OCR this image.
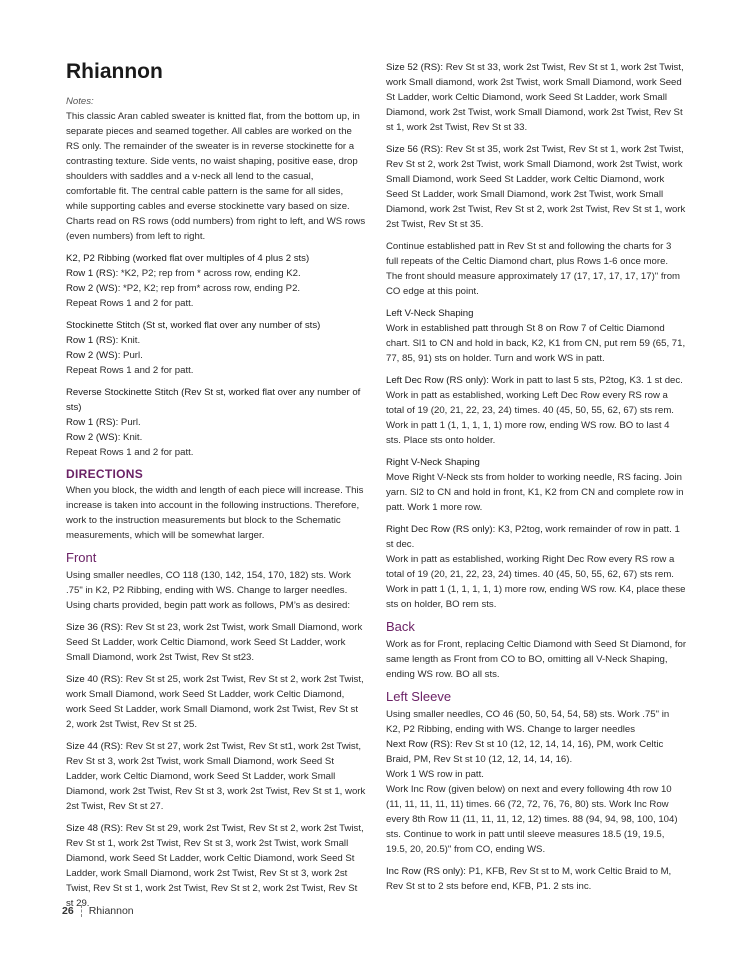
Rhiannon

Notes:

This classic Aran cabled sweater is knitted flat, from the bottom up, in separate pieces and seamed together. All cables are worked on the RS only. The remainder of the sweater is in reverse stockinette for a contrasting texture. Side vents, no waist shaping, positive ease, drop shoulders with saddles and a v-neck all lend to the casual, comfortable fit. The central cable pattern is the same for all sides, while supporting cables and everse stockinette vary based on size. Charts read on RS rows (odd numbers) from right to left, and WS rows (even numbers) from left to right.

K2, P2 Ribbing (worked flat over multiples of 4 plus 2 sts)

Row 1 (RS): *K2, P2; rep from * across row, ending K2.

Row 2 (WS): *P2, K2; rep from* across row, ending P2.

Repeat Rows 1 and 2 for patt.

Stockinette Stitch (St st, worked flat over any number of sts)

Row 1 (RS): Knit.

Row 2 (WS): Purl.

Repeat Rows 1 and 2 for patt.

Reverse Stockinette Stitch (Rev St st, worked flat over any number of sts)

Row 1 (RS): Purl.

Row 2 (WS): Knit.

Repeat Rows 1 and 2 for patt.

DIRECTIONS

When you block, the width and length of each piece will increase. This increase is taken into account in the following instructions. Therefore, work to the instruction measurements but block to the Schematic measurements, which will be somewhat larger.

Front

Using smaller needles, CO 118 (130, 142, 154, 170, 182) sts. Work .75" in K2, P2 Ribbing, ending with WS. Change to larger needles. Using charts provided, begin patt work as follows, PM’s as desired:

Size 36 (RS): Rev St st 23, work 2st Twist, work Small Diamond, work Seed St Ladder, work Celtic Diamond, work Seed St Ladder, work Small Diamond, work 2st Twist, Rev St st23.

Size 40 (RS): Rev St st 25, work 2st Twist, Rev St st 2, work 2st Twist, work Small Diamond, work Seed St Ladder, work Celtic Diamond, work Seed St Ladder, work Small Diamond, work 2st Twist, Rev St st 2, work 2st Twist, Rev St st 25.

Size 44 (RS): Rev St st 27, work 2st Twist, Rev St st1, work 2st Twist, Rev St st 3, work 2st Twist, work Small Diamond, work Seed St Ladder, work Celtic Diamond, work Seed St Ladder, work Small Diamond, work 2st Twist, Rev St st 3, work 2st Twist, Rev St st 1, work 2st Twist, Rev St st 27.

Size 48 (RS): Rev St st 29, work 2st Twist, Rev St st 2, work 2st Twist, Rev St st 1, work 2st Twist, Rev St st 3, work 2st Twist, work Small Diamond, work Seed St Ladder, work Celtic Diamond, work Seed St Ladder, work Small Diamond, work 2st Twist, Rev St st 3, work 2st Twist, Rev St st 1, work 2st Twist, Rev St st 2, work 2st Twist, Rev St st 29.

Size 52 (RS): Rev St st 33, work 2st Twist, Rev St st 1, work 2st Twist, work Small diamond, work 2st Twist, work Small Diamond, work Seed St Ladder, work Celtic Diamond, work Seed St Ladder, work Small Diamond, work 2st Twist, work Small Diamond, work 2st Twist, Rev St st 1, work 2st Twist, Rev St st 33.

Size 56 (RS): Rev St st 35, work 2st Twist, Rev St st 1, work 2st Twist, Rev St st 2, work 2st Twist, work Small Diamond, work 2st Twist, work Small Diamond, work Seed St Ladder, work Celtic Diamond, work Seed St Ladder, work Small Diamond, work 2st Twist, work Small Diamond, work 2st Twist, Rev St st 2, work 2st Twist, Rev St st 1, work 2st Twist, Rev St st 35.

Continue established patt in Rev St st and following the charts for 3 full repeats of the Celtic Diamond chart, plus Rows 1-6 once more. The front should measure approximately 17 (17, 17, 17, 17, 17)" from CO edge at this point.

Left V-Neck Shaping

Work in established patt through St 8 on Row 7 of Celtic Diamond chart. Sl1 to CN and hold in back, K2, K1 from CN, put rem 59 (65, 71, 77, 85, 91) sts on holder. Turn and work WS in patt.

Left Dec Row (RS only): Work in patt to last 5 sts, P2tog, K3. 1 st dec.

Work in patt as established, working Left Dec Row every RS row a total of 19 (20, 21, 22, 23, 24) times. 40 (45, 50, 55, 62, 67) sts rem. Work in patt 1 (1, 1, 1, 1, 1) more row, ending WS row. BO to last 4 sts. Place sts onto holder.

Right V-Neck Shaping

Move Right V-Neck sts from holder to working needle, RS facing. Join yarn. Sl2 to CN and hold in front, K1, K2 from CN and complete row in patt. Work 1 more row.

Right Dec Row (RS only): K3, P2tog, work remainder of row in patt. 1 st dec.

Work in patt as established, working Right Dec Row every RS row a total of 19 (20, 21, 22, 23, 24) times. 40 (45, 50, 55, 62, 67) sts rem. Work in patt 1 (1, 1, 1, 1, 1) more row, ending WS row. K4, place these sts on holder, BO rem sts.

Back

Work as for Front, replacing Celtic Diamond with Seed St Diamond, for same length as Front from CO to BO, omitting all V-Neck Shaping, ending WS row. BO all sts.

Left Sleeve

Using smaller needles, CO 46 (50, 50, 54, 54, 58) sts. Work .75" in K2, P2 Ribbing, ending with WS. Change to larger needles

Next Row (RS): Rev St st 10 (12, 12, 14, 14, 16), PM, work Celtic Braid, PM, Rev St st 10 (12, 12, 14, 14, 16).

Work 1 WS row in patt.

Work Inc Row (given below) on next and every following 4th row 10 (11, 11, 11, 11, 11) times. 66 (72, 72, 76, 76, 80) sts. Work Inc Row every 8th Row 11 (11, 11, 11, 12, 12) times. 88 (94, 94, 98, 100, 104) sts. Continue to work in patt until sleeve measures 18.5 (19, 19.5, 19.5, 20, 20.5)" from CO, ending WS.

Inc Row (RS only): P1, KFB, Rev St st to M, work Celtic Braid to M, Rev St st to 2 sts before end, KFB, P1. 2 sts inc.

26 Rhiannon
